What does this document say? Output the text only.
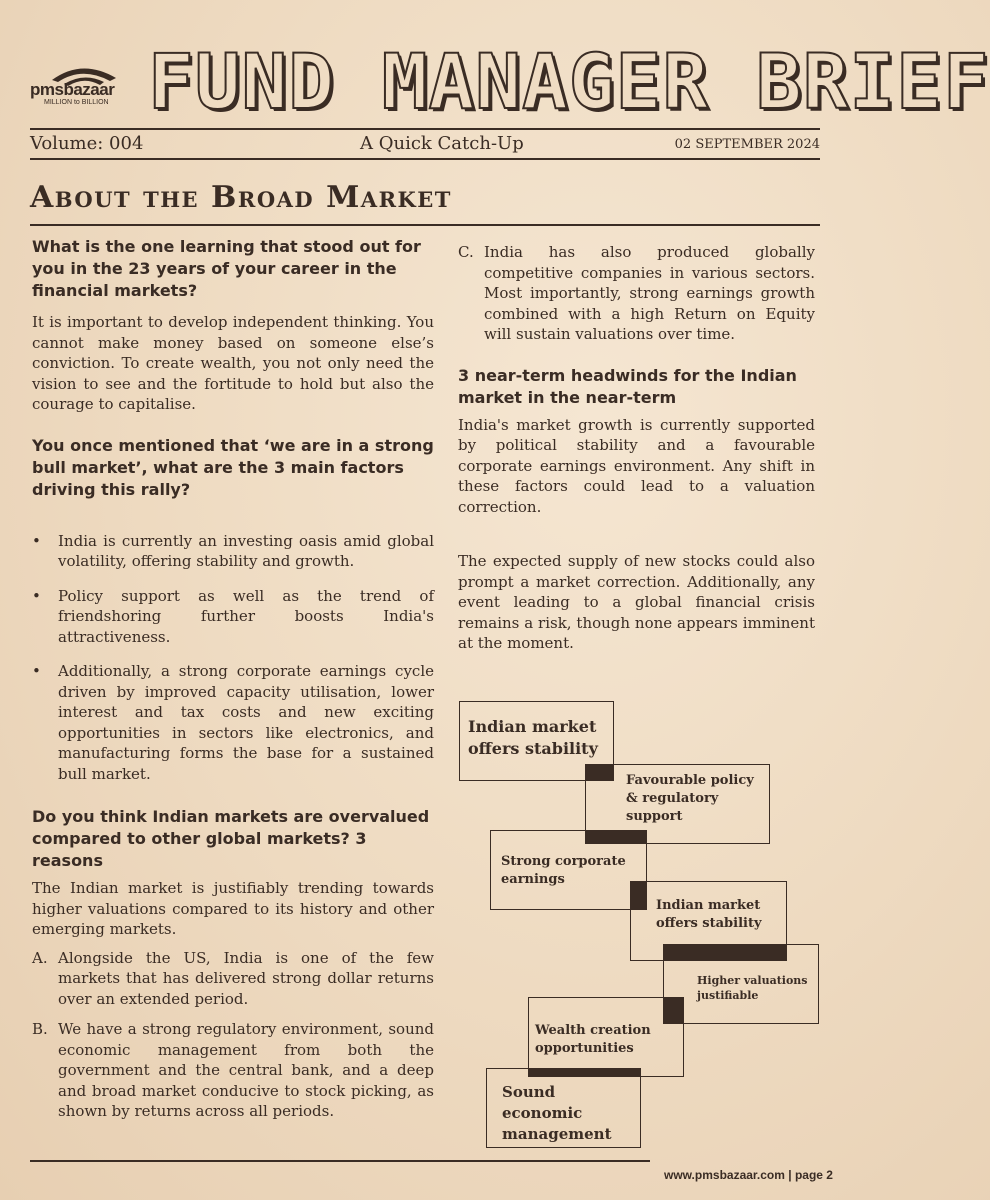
pmsbazaar
MILLION to BILLION FUND MANAGER BRIEF
Volume: 004	A Quick Catch-Up	02 SEPTEMBER 2024
About the Broad Market

What is the one learning that stood out for you in the 23 years of your career in the financial markets?

It is important to develop independent thinking. You cannot make money based on someone else’s conviction. To create wealth, you not only need the vision to see and the fortitude to hold but also the courage to capitalise.

You once mentioned that ‘we are in a strong bull market’, what are the 3 main factors driving this rally?

• India is currently an investing oasis amid global volatility, offering stability and growth.
• Policy support as well as the trend of friendshoring further boosts India's attractiveness.
• Additionally, a strong corporate earnings cycle driven by improved capacity utilisation, lower interest and tax costs and new exciting opportunities in sectors like electronics, and manufacturing forms the base for a sustained bull market.

Do you think Indian markets are overvalued compared to other global markets? 3 reasons

The Indian market is justifiably trending towards higher valuations compared to its history and other emerging markets.

A. Alongside the US, India is one of the few markets that has delivered strong dollar returns over an extended period.
B. We have a strong regulatory environment, sound economic management from both the government and the central bank, and a deep and broad market conducive to stock picking, as shown by returns across all periods.
C. India has also produced globally competitive companies in various sectors. Most importantly, strong earnings growth combined with a high Return on Equity will sustain valuations over time.

3 near-term headwinds for the Indian market in the near-term

India's market growth is currently supported by political stability and a favourable corporate earnings environment. Any shift in these factors could lead to a valuation correction.

The expected supply of new stocks could also prompt a market correction. Additionally, any event leading to a global financial crisis remains a risk, though none appears imminent at the moment.

Indian market offers stability
Favourable policy & regulatory support
Strong corporate earnings
Indian market offers stability
Higher valuations justifiable
Wealth creation opportunities
Sound economic management
www.pmsbazaar.com | page 2
